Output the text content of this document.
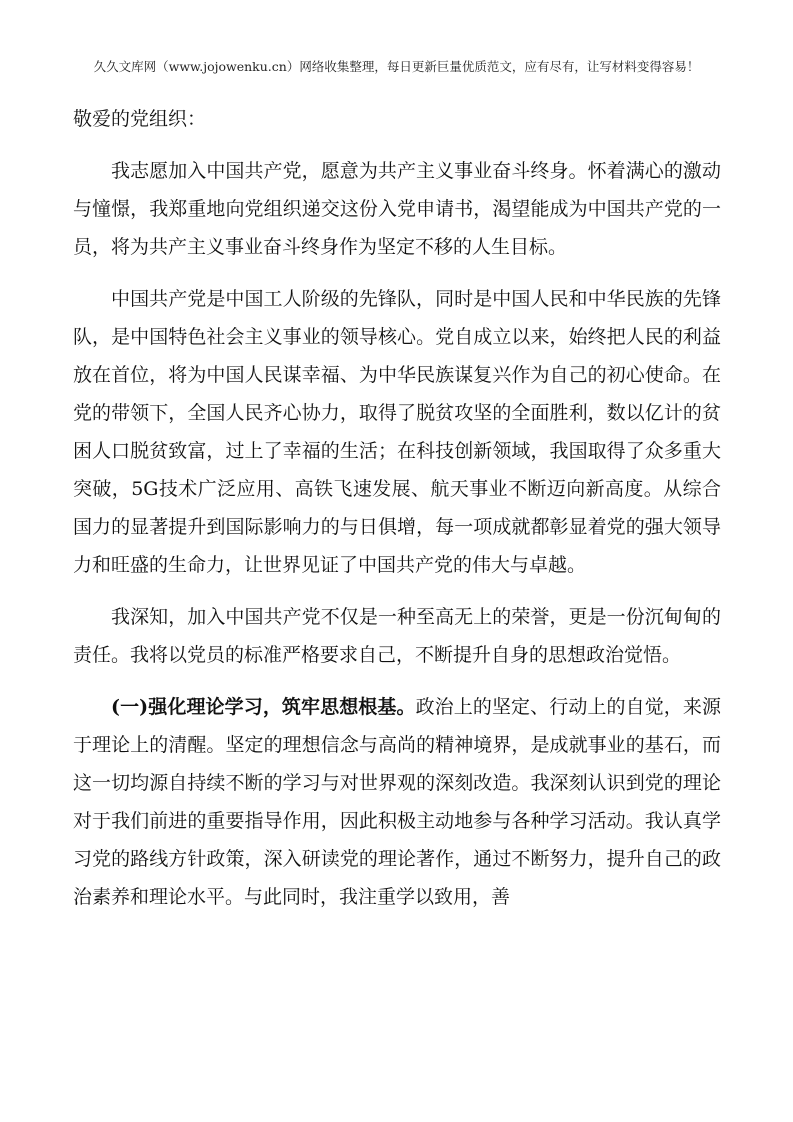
久久文库网（www.jojowenku.cn）网络收集整理，每日更新巨量优质范文，应有尽有，让写材料变得容易！

敬爱的党组织：

我志愿加入中国共产党，愿意为共产主义事业奋斗终身。怀着满心的激动与憧憬，我郑重地向党组织递交这份入党申请书，渴望能成为中国共产党的一员，将为共产主义事业奋斗终身作为坚定不移的人生目标。

中国共产党是中国工人阶级的先锋队，同时是中国人民和中华民族的先锋队，是中国特色社会主义事业的领导核心。党自成立以来，始终把人民的利益放在首位，将为中国人民谋幸福、为中华民族谋复兴作为自己的初心使命。在党的带领下，全国人民齐心协力，取得了脱贫攻坚的全面胜利，数以亿计的贫困人口脱贫致富，过上了幸福的生活；在科技创新领域，我国取得了众多重大突破，5G技术广泛应用、高铁飞速发展、航天事业不断迈向新高度。从综合国力的显著提升到国际影响力的与日俱增，每一项成就都彰显着党的强大领导力和旺盛的生命力，让世界见证了中国共产党的伟大与卓越。

我深知，加入中国共产党不仅是一种至高无上的荣誉，更是一份沉甸甸的责任。我将以党员的标准严格要求自己，不断提升自身的思想政治觉悟。

(一)强化理论学习，筑牢思想根基。政治上的坚定、行动上的自觉，来源于理论上的清醒。坚定的理想信念与高尚的精神境界，是成就事业的基石，而这一切均源自持续不断的学习与对世界观的深刻改造。我深刻认识到党的理论对于我们前进的重要指导作用，因此积极主动地参与各种学习活动。我认真学习党的路线方针政策，深入研读党的理论著作，通过不断努力，提升自己的政治素养和理论水平。与此同时，我注重学以致用，善
